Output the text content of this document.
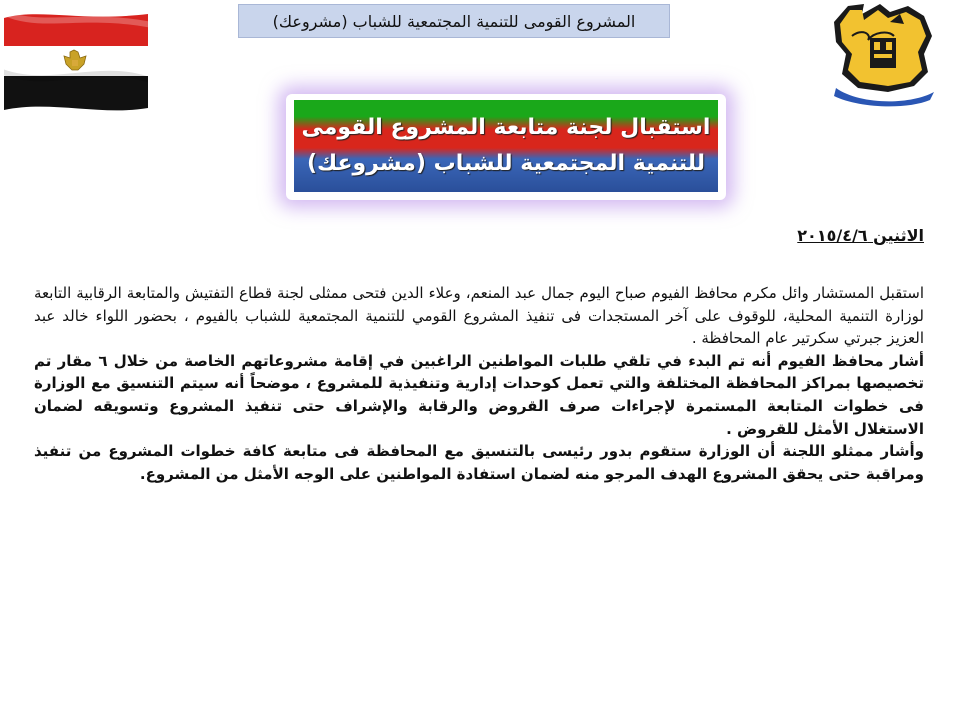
المشروع القومى للتنمية المجتمعية للشباب (مشروعك)
استقبال لجنة متابعة المشروع القومى
للتنمية المجتمعية للشباب (مشروعك)
الاثنين ٢٠١٥/٤/٦

استقبل المستشار وائل مكرم محافظ الفيوم صباح اليوم جمال عبد المنعم، وعلاء الدين فتحى ممثلى لجنة قطاع التفتيش والمتابعة الرقابية التابعة لوزارة التنمية المحلية، للوقوف على آخر المستجدات فى تنفيذ المشروع القومي للتنمية المجتمعية للشباب بالفيوم ، بحضور اللواء خالد عبد العزيز جبرتي سكرتير عام المحافظة .

أشار محافظ الفيوم أنه تم البدء في تلقي طلبات المواطنين الراغبين في إقامة مشروعاتهم الخاصة من خلال ٦ مقار تم تخصيصها بمراكز المحافظة المختلفة والتي تعمل كوحدات إدارية وتنفيذية للمشروع ، موضحاً أنه سيتم التنسيق مع الوزارة فى خطوات المتابعة المستمرة لإجراءات صرف القروض والرقابة والإشراف حتى تنفيذ المشروع وتسويقه لضمان الاستغلال الأمثل للقروض .

وأشار ممثلو اللجنة أن الوزارة ستقوم بدور رئيسى بالتنسيق مع المحافظة فى متابعة كافة خطوات المشروع من تنفيذ ومراقبة حتى يحقق المشروع الهدف المرجو منه لضمان استفادة المواطنين على الوجه الأمثل من المشروع.
